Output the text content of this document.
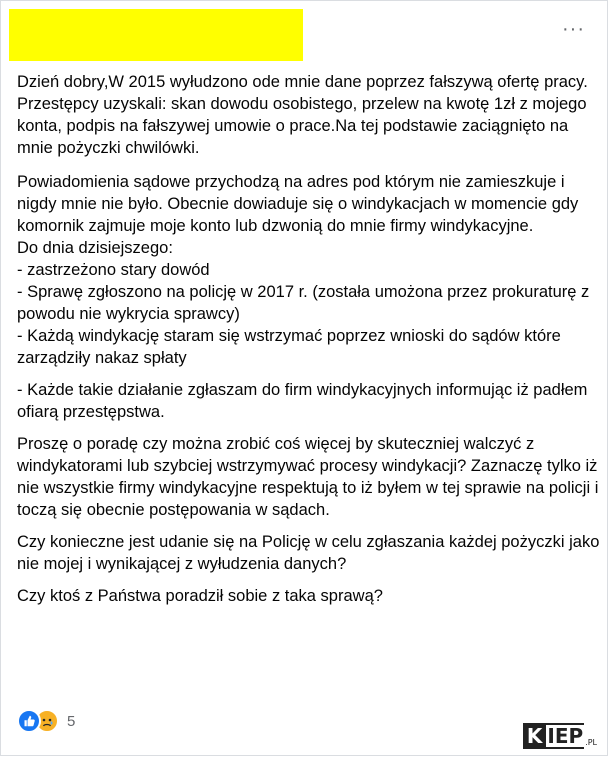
···

Dzień dobry,W 2015 wyłudzono ode mnie dane poprzez fałszywą ofertę pracy. Przestępcy uzyskali: skan dowodu osobistego, przelew na kwotę 1zł z mojego konta, podpis na fałszywej umowie o prace.Na tej podstawie zaciągnięto na mnie pożyczki chwilówki.

Powiadomienia sądowe przychodzą na adres pod którym nie zamieszkuje i nigdy mnie nie było. Obecnie dowiaduje się o windykacjach w momencie gdy komornik zajmuje moje konto lub dzwonią do mnie firmy windykacyjne.

Do dnia dzisiejszego:

- zastrzeżono stary dowód

- Sprawę zgłoszono na policję w 2017 r. (została umożona przez prokuraturę z powodu nie wykrycia sprawcy)

- Każdą windykację staram się wstrzymać poprzez wnioski do sądów które zarządziły nakaz spłaty

- Każde takie działanie zgłaszam do firm windykacyjnych informując iż padłem ofiarą przestępstwa.

Proszę o poradę czy można zrobić coś więcej by skuteczniej walczyć z windykatorami lub szybciej wstrzymywać procesy windykacji? Zaznaczę tylko iż nie wszystkie firmy windykacyjne respektują to iż byłem w tej sprawie na policji i toczą się obecnie postępowania w sądach.

Czy konieczne jest udanie się na Policję w celu zgłaszania każdej pożyczki jako nie mojej i wynikającej z wyłudzenia danych?

Czy ktoś z Państwa poradził sobie z taka sprawą?

5
K IEP .PL
